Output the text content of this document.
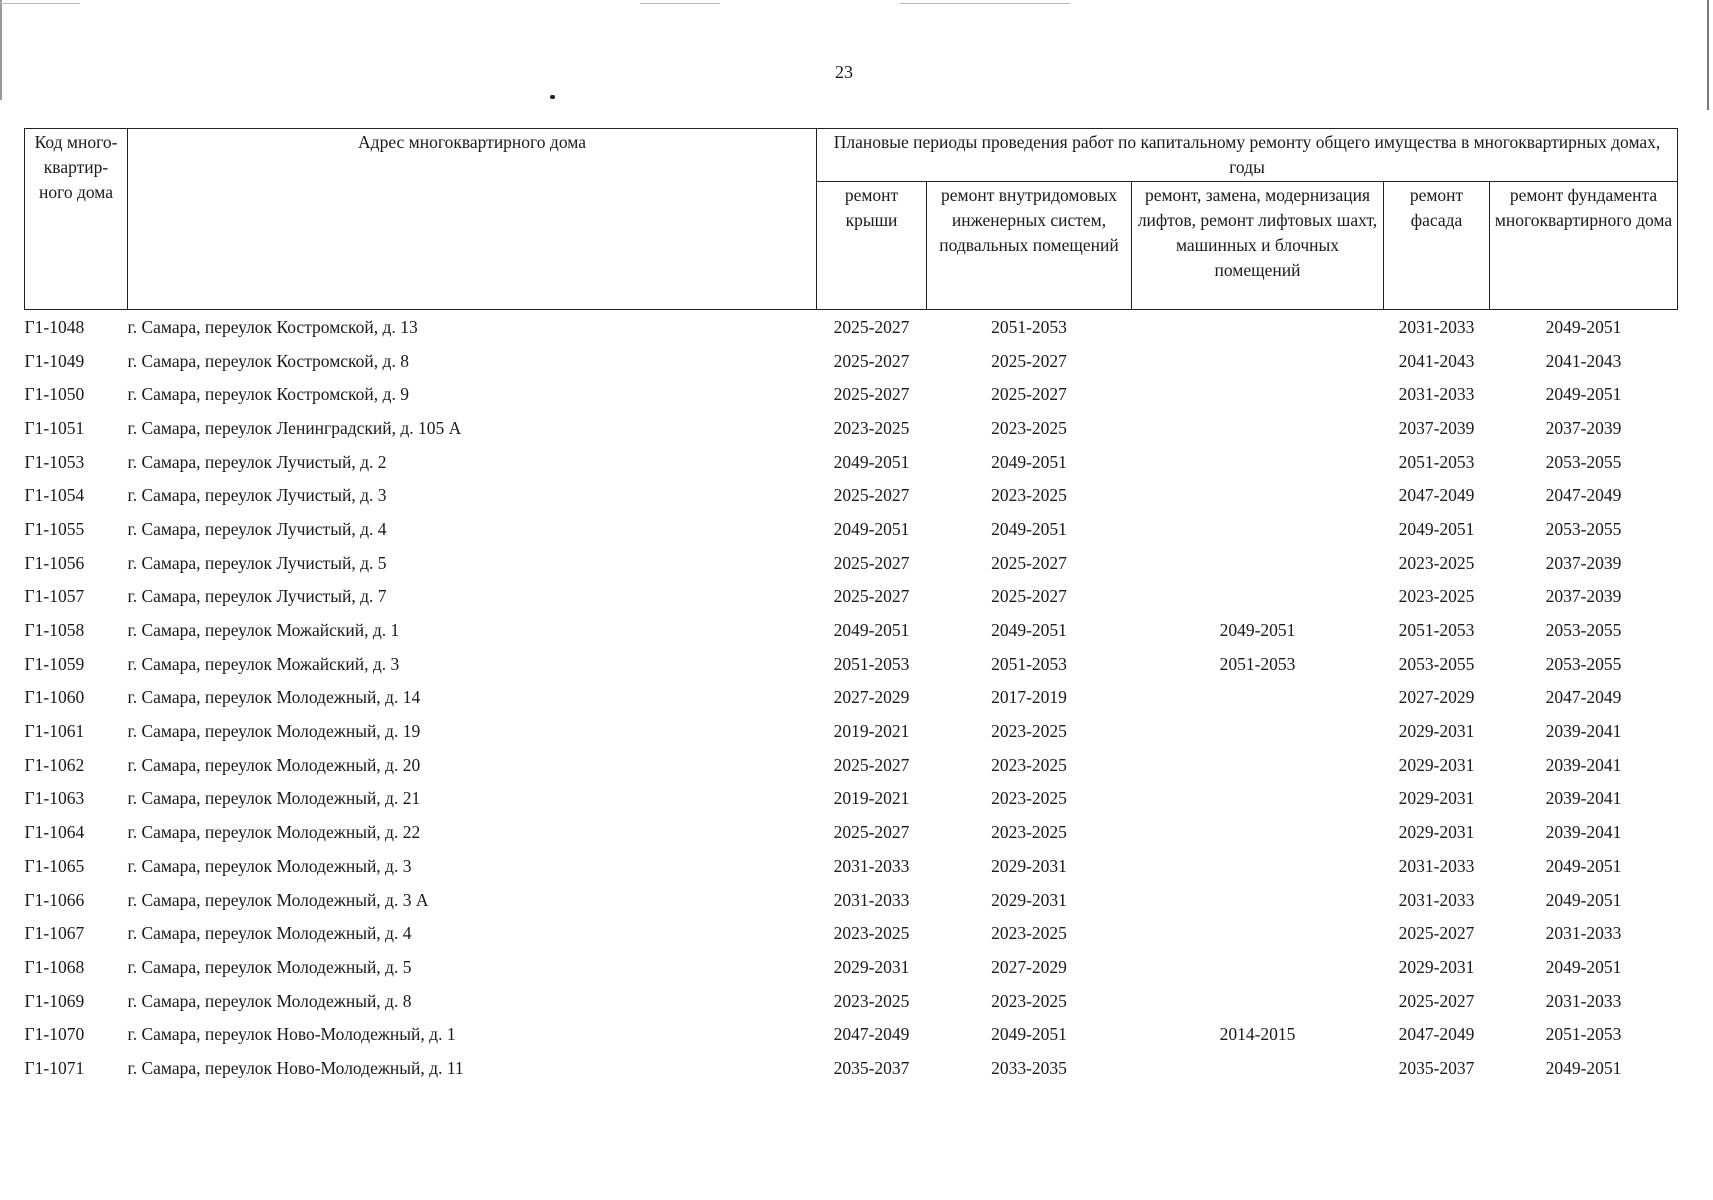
23
Код много-квартир-ного дома	Адрес многоквартирного дома	Плановые периоды проведения работ по капитальному ремонту общего имущества в многоквартирных домах, годы				
		ремонт крыши	ремонт внутридомовых инженерных систем, подвальных помещений	ремонт, замена, модернизация лифтов, ремонт лифтовых шахт, машинных и блочных помещений	ремонт фасада	ремонт фундамента многоквартирного дома
Г1-1048	г. Самара, переулок Костромской, д. 13	2025-2027	2051-2053		2031-2033	2049-2051
Г1-1049	г. Самара, переулок Костромской, д. 8	2025-2027	2025-2027		2041-2043	2041-2043
Г1-1050	г. Самара, переулок Костромской, д. 9	2025-2027	2025-2027		2031-2033	2049-2051
Г1-1051	г. Самара, переулок Ленинградский, д. 105 А	2023-2025	2023-2025		2037-2039	2037-2039
Г1-1053	г. Самара, переулок Лучистый, д. 2	2049-2051	2049-2051		2051-2053	2053-2055
Г1-1054	г. Самара, переулок Лучистый, д. 3	2025-2027	2023-2025		2047-2049	2047-2049
Г1-1055	г. Самара, переулок Лучистый, д. 4	2049-2051	2049-2051		2049-2051	2053-2055
Г1-1056	г. Самара, переулок Лучистый, д. 5	2025-2027	2025-2027		2023-2025	2037-2039
Г1-1057	г. Самара, переулок Лучистый, д. 7	2025-2027	2025-2027		2023-2025	2037-2039
Г1-1058	г. Самара, переулок Можайский, д. 1	2049-2051	2049-2051	2049-2051	2051-2053	2053-2055
Г1-1059	г. Самара, переулок Можайский, д. 3	2051-2053	2051-2053	2051-2053	2053-2055	2053-2055
Г1-1060	г. Самара, переулок Молодежный, д. 14	2027-2029	2017-2019		2027-2029	2047-2049
Г1-1061	г. Самара, переулок Молодежный, д. 19	2019-2021	2023-2025		2029-2031	2039-2041
Г1-1062	г. Самара, переулок Молодежный, д. 20	2025-2027	2023-2025		2029-2031	2039-2041
Г1-1063	г. Самара, переулок Молодежный, д. 21	2019-2021	2023-2025		2029-2031	2039-2041
Г1-1064	г. Самара, переулок Молодежный, д. 22	2025-2027	2023-2025		2029-2031	2039-2041
Г1-1065	г. Самара, переулок Молодежный, д. 3	2031-2033	2029-2031		2031-2033	2049-2051
Г1-1066	г. Самара, переулок Молодежный, д. 3 А	2031-2033	2029-2031		2031-2033	2049-2051
Г1-1067	г. Самара, переулок Молодежный, д. 4	2023-2025	2023-2025		2025-2027	2031-2033
Г1-1068	г. Самара, переулок Молодежный, д. 5	2029-2031	2027-2029		2029-2031	2049-2051
Г1-1069	г. Самара, переулок Молодежный, д. 8	2023-2025	2023-2025		2025-2027	2031-2033
Г1-1070	г. Самара, переулок Ново-Молодежный, д. 1	2047-2049	2049-2051	2014-2015	2047-2049	2051-2053
Г1-1071	г. Самара, переулок Ново-Молодежный, д. 11	2035-2037	2033-2035		2035-2037	2049-2051
